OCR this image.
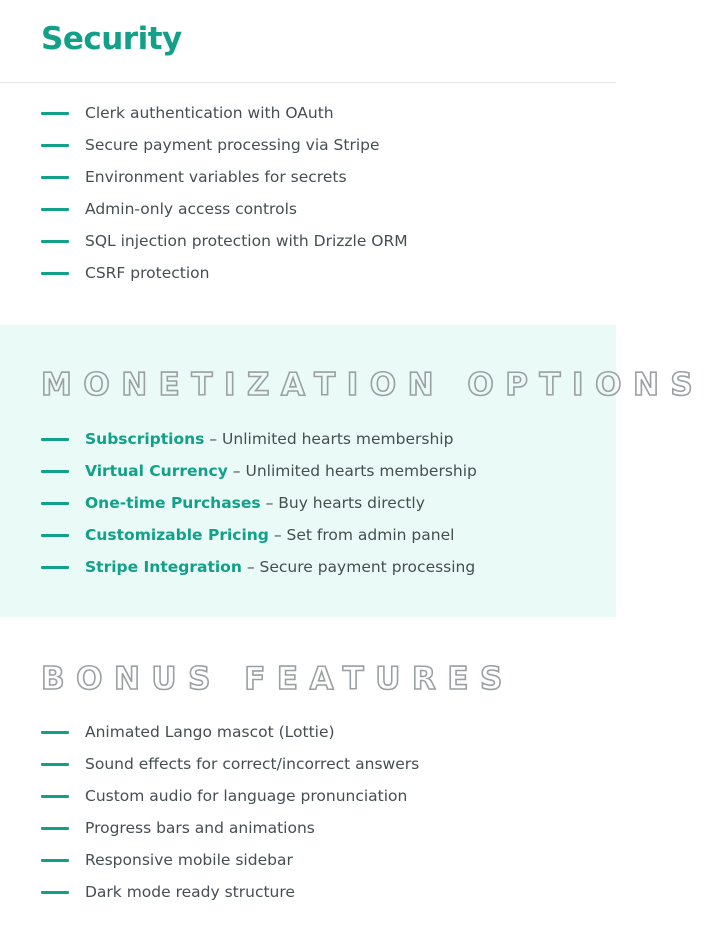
Security
Clerk authentication with OAuth
Secure payment processing via Stripe
Environment variables for secrets
Admin-only access controls
SQL injection protection with Drizzle ORM
CSRF protection
MONETIZATION OPTIONS
Subscriptions – Unlimited hearts membership
Virtual Currency – Unlimited hearts membership
One-time Purchases – Buy hearts directly
Customizable Pricing – Set from admin panel
Stripe Integration – Secure payment processing
BONUS FEATURES
Animated Lango mascot (Lottie)
Sound effects for correct/incorrect answers
Custom audio for language pronunciation
Progress bars and animations
Responsive mobile sidebar
Dark mode ready structure
